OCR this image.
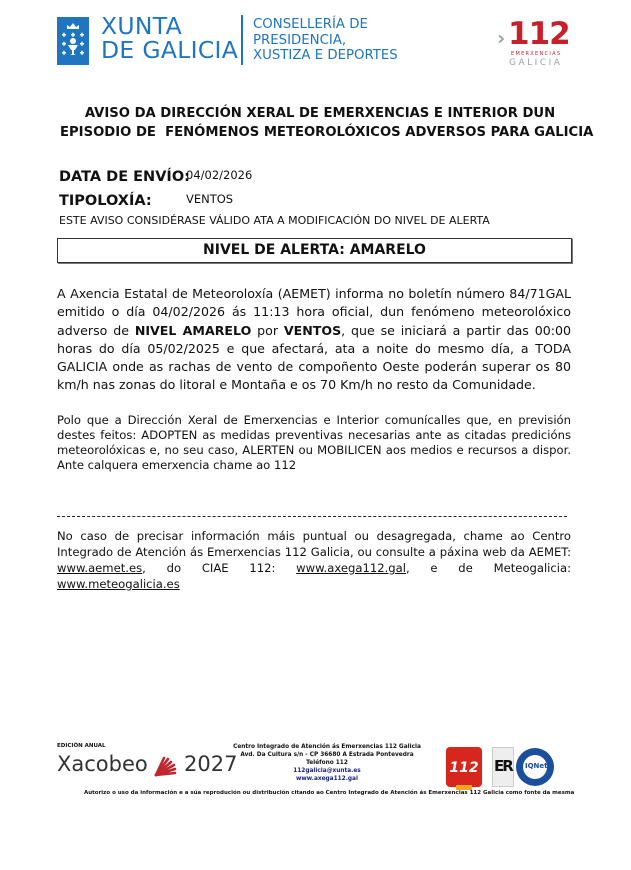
XUNTA
DE GALICIA
CONSELLERÍA DE
PRESIDENCIA,
XUSTIZA E DEPORTES
› 112
EMERXENCIAS
GALICIA
AVISO DA DIRECCIÓN XERAL DE EMERXENCIAS E INTERIOR DUN
EPISODIO DE  FENÓMENOS METEOROLÓXICOS ADVERSOS PARA GALICIA
DATA DE ENVÍO:
04/02/2026
TIPOLOXÍA:	VENTOS
ESTE AVISO CONSIDÉRASE VÁLIDO ATA A MODIFICACIÓN DO NIVEL DE ALERTA
NIVEL DE ALERTA: AMARELO
A Axencia Estatal de Meteoroloxía (AEMET) informa no boletín número 84/71GAL emitido o día 04/02/2026 ás 11:13 hora oficial, dun fenómeno meteorolóxico adverso de NIVEL AMARELO por VENTOS, que se iniciará a partir das 00:00 horas do día 05/02/2025 e que afectará, ata a noite do mesmo día, a TODA GALICIA onde as rachas de vento de compoñento Oeste poderán superar os 80 km/h nas zonas do litoral e Montaña e os 70 Km/h no resto da Comunidade.
Polo que a Dirección Xeral de Emerxencias e Interior comunícalles que, en previsión destes feitos: ADOPTEN as medidas preventivas necesarias ante as citadas predicións meteorolóxicas e, no seu caso, ALERTEN ou MOBILICEN aos medios e recursos a dispor.    Ante calquera emerxencia chame ao 112
No caso de precisar información máis puntual ou desagregada, chame ao Centro Integrado de Atención ás Emerxencias 112 Galicia, ou consulte a páxina web da AEMET: www.aemet.es, do CIAE 112: www.axega112.gal, e de Meteogalicia: www.meteogalicia.es
EDICIÓN ANUAL
Xacobeo 2027
Centro Integrado de Atención ás Emerxencias 112 Galicia
Avd. Da Cultura s/n - CP 36680 A Estrada Pontevedra
Teléfono 112
112galicia@xunta.es
www.axega112.gal
112 ER IQNet
Autorizo o uso da información e a súa reprodución ou distribución citando ao Centro Integrado de Atención ás Emerxencias 112 Galicia como fonte da mesma
